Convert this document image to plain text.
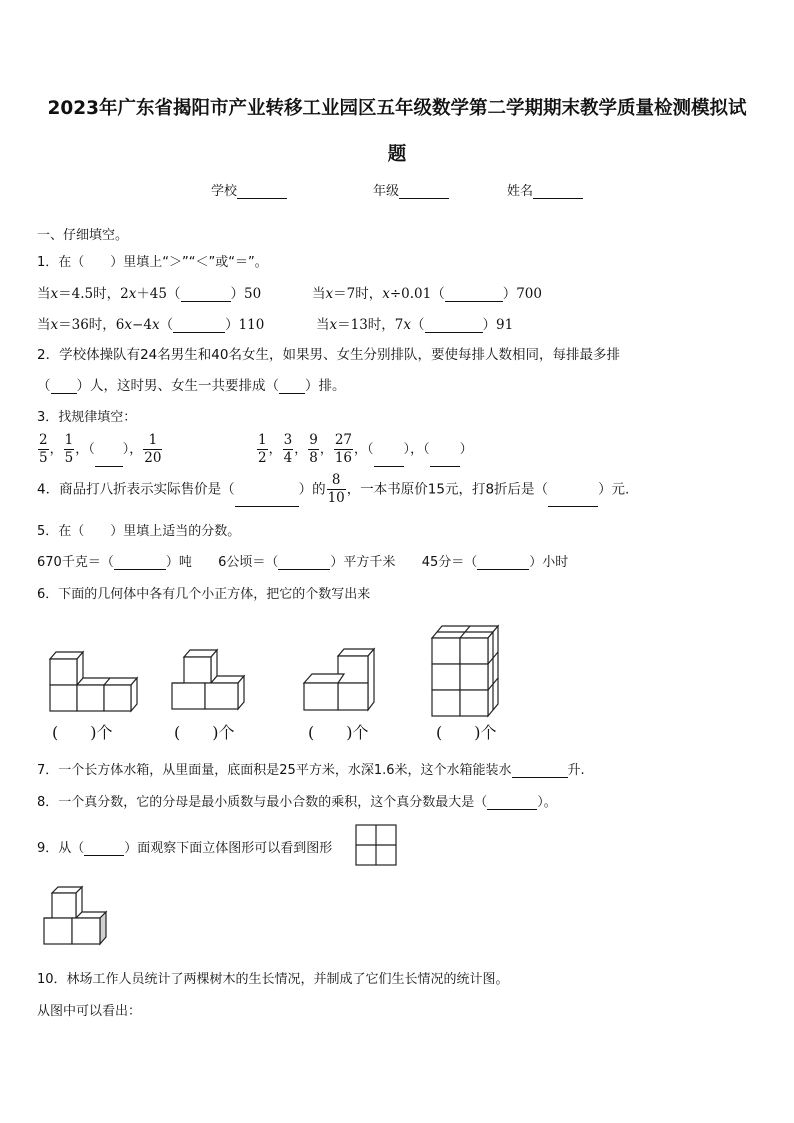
2023年广东省揭阳市产业转移工业园区五年级数学第二学期期末教学质量检测模拟试
题
学校	年级	姓名
一、仔细填空。
1．在（　　）里填上“＞”“＜”或“＝”。
当x＝4.5时，2x＋45（	）50	当x＝7时，x÷0.01（	）700
当x＝36时，6x−4x（	）110	当x＝13时，7x（	）91
2．学校体操队有24名男生和40名女生，如果男、女生分别排队，要使每排人数相同，每排最多排
（ ）人，这时男、女生一共要排成（ ）排。
3．找规律填空：
$\frac{2}{5}$ ， $\frac{1}{5}$ ，（ ）， $\frac{1}{20}$	$\frac{1}{2}$ ， $\frac{3}{4}$ ， $\frac{9}{8}$ ， $\frac{27}{16}$ ，（ ），（ ）
4．商品打八折表示实际售价是（	）的 $\frac{8}{10}$ ，一本书原价15元，打8折后是（	）元.
5．在（　　）里填上适当的分数。
670千克＝（	）吨 6公顷＝（	）平方千米 45分＝（	）小时
6．下面的几何体中各有几个小正方体，把它的个数写出来
(　　)个	(　　)个	(　　)个	(　　)个
7．一个长方体水箱，从里面量，底面积是25平方米，水深1.6米，这个水箱能装水	升.
8．一个真分数，它的分母是最小质数与最小合数的乘积，这个真分数最大是（	）。
9．从（	）面观察下面立体图形可以看到图形
10．林场工作人员统计了两棵树木的生长情况，并制成了它们生长情况的统计图。
从图中可以看出：
